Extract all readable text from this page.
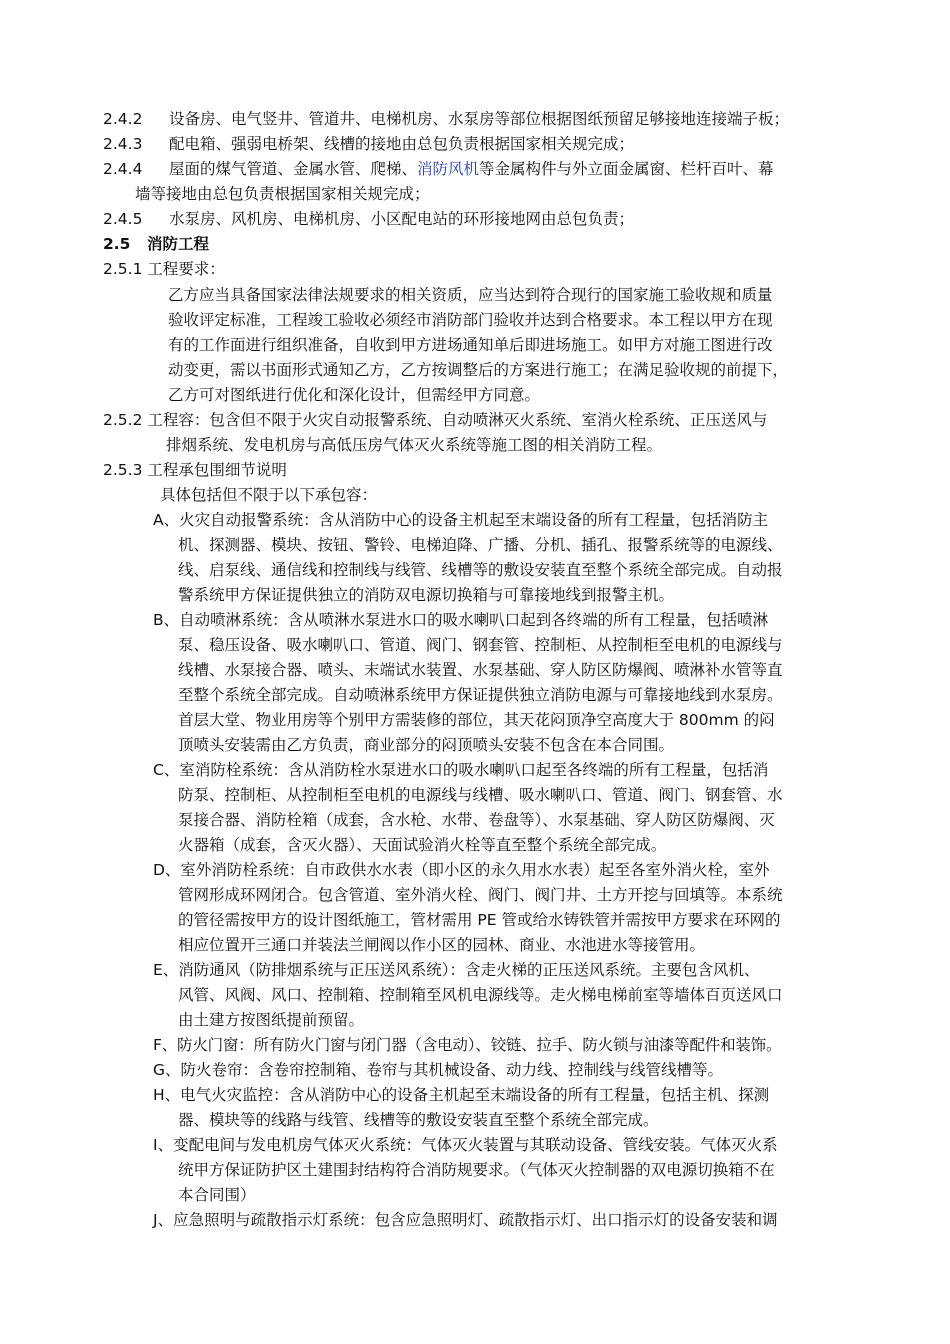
2.4.2 设备房、电气竖井、管道井、电梯机房、水泵房等部位根据图纸预留足够接地连接端子板；
2.4.3 配电箱、强弱电桥架、线槽的接地由总包负责根据国家相关规完成；
2.4.4 屋面的煤气管道、金属水管、爬梯、消防风机等金属构件与外立面金属窗、栏杆百叶、幕
墙等接地由总包负责根据国家相关规完成；
2.4.5 水泵房、风机房、电梯机房、小区配电站的环形接地网由总包负责；
2.5 消防工程
2.5.1 工程要求：
乙方应当具备国家法律法规要求的相关资质，应当达到符合现行的国家施工验收规和质量
验收评定标准，工程竣工验收必须经市消防部门验收并达到合格要求。本工程以甲方在现
有的工作面进行组织准备，自收到甲方进场通知单后即进场施工。如甲方对施工图进行改
动变更，需以书面形式通知乙方，乙方按调整后的方案进行施工；在满足验收规的前提下，
乙方可对图纸进行优化和深化设计，但需经甲方同意。
2.5.2 工程容：包含但不限于火灾自动报警系统、自动喷淋灭火系统、室消火栓系统、正压送风与
排烟系统、发电机房与高低压房气体灭火系统等施工图的相关消防工程。
2.5.3 工程承包围细节说明
具体包括但不限于以下承包容：
A、火灾自动报警系统：含从消防中心的设备主机起至末端设备的所有工程量，包括消防主
机、探测器、模块、按钮、警铃、电梯迫降、广播、分机、插孔、报警系统等的电源线、
线、启泵线、通信线和控制线与线管、线槽等的敷设安装直至整个系统全部完成。自动报
警系统甲方保证提供独立的消防双电源切换箱与可靠接地线到报警主机。
B、自动喷淋系统：含从喷淋水泵进水口的吸水喇叭口起到各终端的所有工程量，包括喷淋
泵、稳压设备、吸水喇叭口、管道、阀门、钢套管、控制柜、从控制柜至电机的电源线与
线槽、水泵接合器、喷头、末端试水装置、水泵基础、穿人防区防爆阀、喷淋补水管等直
至整个系统全部完成。自动喷淋系统甲方保证提供独立消防电源与可靠接地线到水泵房。
首层大堂、物业用房等个别甲方需装修的部位，其天花闷顶净空高度大于 800mm 的闷
顶喷头安装需由乙方负责，商业部分的闷顶喷头安装不包含在本合同围。
C、室消防栓系统：含从消防栓水泵进水口的吸水喇叭口起至各终端的所有工程量，包括消
防泵、控制柜、从控制柜至电机的电源线与线槽、吸水喇叭口、管道、阀门、钢套管、水
泵接合器、消防栓箱（成套，含水枪、水带、卷盘等）、水泵基础、穿人防区防爆阀、灭
火器箱（成套，含灭火器）、天面试验消火栓等直至整个系统全部完成。
D、室外消防栓系统：自市政供水水表（即小区的永久用水水表）起至各室外消火栓，室外
管网形成环网闭合。包含管道、室外消火栓、阀门、阀门井、土方开挖与回填等。本系统
的管径需按甲方的设计图纸施工，管材需用 PE 管或给水铸铁管并需按甲方要求在环网的
相应位置开三通口并装法兰闸阀以作小区的园林、商业、水池进水等接管用。
E、消防通风（防排烟系统与正压送风系统）：含走火梯的正压送风系统。主要包含风机、
风管、风阀、风口、控制箱、控制箱至风机电源线等。走火梯电梯前室等墙体百页送风口
由土建方按图纸提前预留。
F、防火门窗：所有防火门窗与闭门器（含电动）、铰链、拉手、防火锁与油漆等配件和装饰。
G、防火卷帘：含卷帘控制箱、卷帘与其机械设备、动力线、控制线与线管线槽等。
H、电气火灾监控：含从消防中心的设备主机起至末端设备的所有工程量，包括主机、探测
器、模块等的线路与线管、线槽等的敷设安装直至整个系统全部完成。
I、变配电间与发电机房气体灭火系统：气体灭火装置与其联动设备、管线安装。气体灭火系
统甲方保证防护区土建围封结构符合消防规要求。（气体灭火控制器的双电源切换箱不在
本合同围）
J、应急照明与疏散指示灯系统：包含应急照明灯、疏散指示灯、出口指示灯的设备安装和调
